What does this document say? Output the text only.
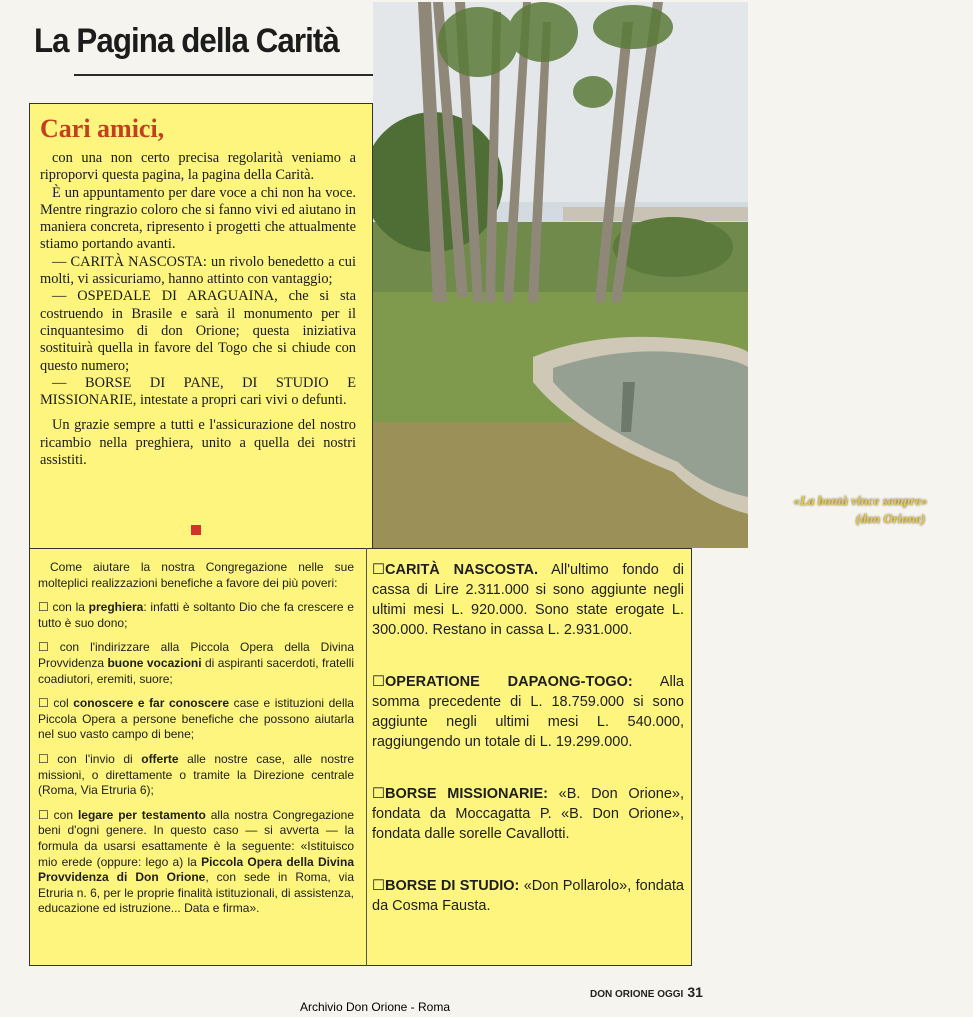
La Pagina della Carità
«La bontà vince sempre»
(don Orione)
Cari amici,

con una non certo precisa regolarità veniamo a riproporvi questa pagina, la pagina della Carità.

È un appuntamento per dare voce a chi non ha voce. Mentre ringrazio coloro che si fanno vivi ed aiutano in maniera concreta, ripresento i progetti che attualmente stiamo portando avanti.

— CARITÀ NASCOSTA: un rivolo benedetto a cui molti, vi assicuriamo, hanno attinto con vantaggio;

— OSPEDALE DI ARAGUAINA, che si sta costruendo in Brasile e sarà il monumento per il cinquantesimo di don Orione; questa iniziativa sostituirà quella in favore del Togo che si chiude con questo numero;

— BORSE DI PANE, DI STUDIO E MISSIONARIE, intestate a propri cari vivi o defunti.

Un grazie sempre a tutti e l'assicurazione del nostro ricambio nella preghiera, unito a quella dei nostri assistiti.

Come aiutare la nostra Congregazione nelle sue molteplici realizzazioni benefiche a favore dei più poveri:

☐ con la preghiera: infatti è soltanto Dio che fa crescere e tutto è suo dono;

☐ con l'indirizzare alla Piccola Opera della Divina Provvidenza buone vocazioni di aspiranti sacerdoti, fratelli coadiutori, eremiti, suore;

☐ col conoscere e far conoscere case e istituzioni della Piccola Opera a persone benefiche che possono aiutarla nel suo vasto campo di bene;

☐ con l'invio di offerte alle nostre case, alle nostre missioni, o direttamente o tramite la Direzione centrale (Roma, Via Etruria 6);

☐ con legare per testamento alla nostra Congregazione beni d'ogni genere. In questo caso — si avverta — la formula da usarsi esattamente è la seguente: «Istituisco mio erede (oppure: lego a) la Piccola Opera della Divina Provvidenza di Don Orione, con sede in Roma, via Etruria n. 6, per le proprie finalità istituzionali, di assistenza, educazione ed istruzione... Data e firma».

☐CARITÀ NASCOSTA. All'ultimo fondo di cassa di Lire 2.311.000 si sono aggiunte negli ultimi mesi L. 920.000. Sono state erogate L. 300.000. Restano in cassa L. 2.931.000.

☐OPERATIONE DAPAONG-TOGO: Alla somma precedente di L. 18.759.000 si sono aggiunte negli ultimi mesi L. 540.000, raggiungendo un totale di L. 19.299.000.

☐BORSE MISSIONARIE: «B. Don Orione», fondata da Moccagatta P. «B. Don Orione», fondata dalle sorelle Cavallotti.

☐BORSE DI STUDIO: «Don Pollarolo», fondata da Cosma Fausta.

DON ORIONE OGGI 31
Archivio Don Orione - Roma
